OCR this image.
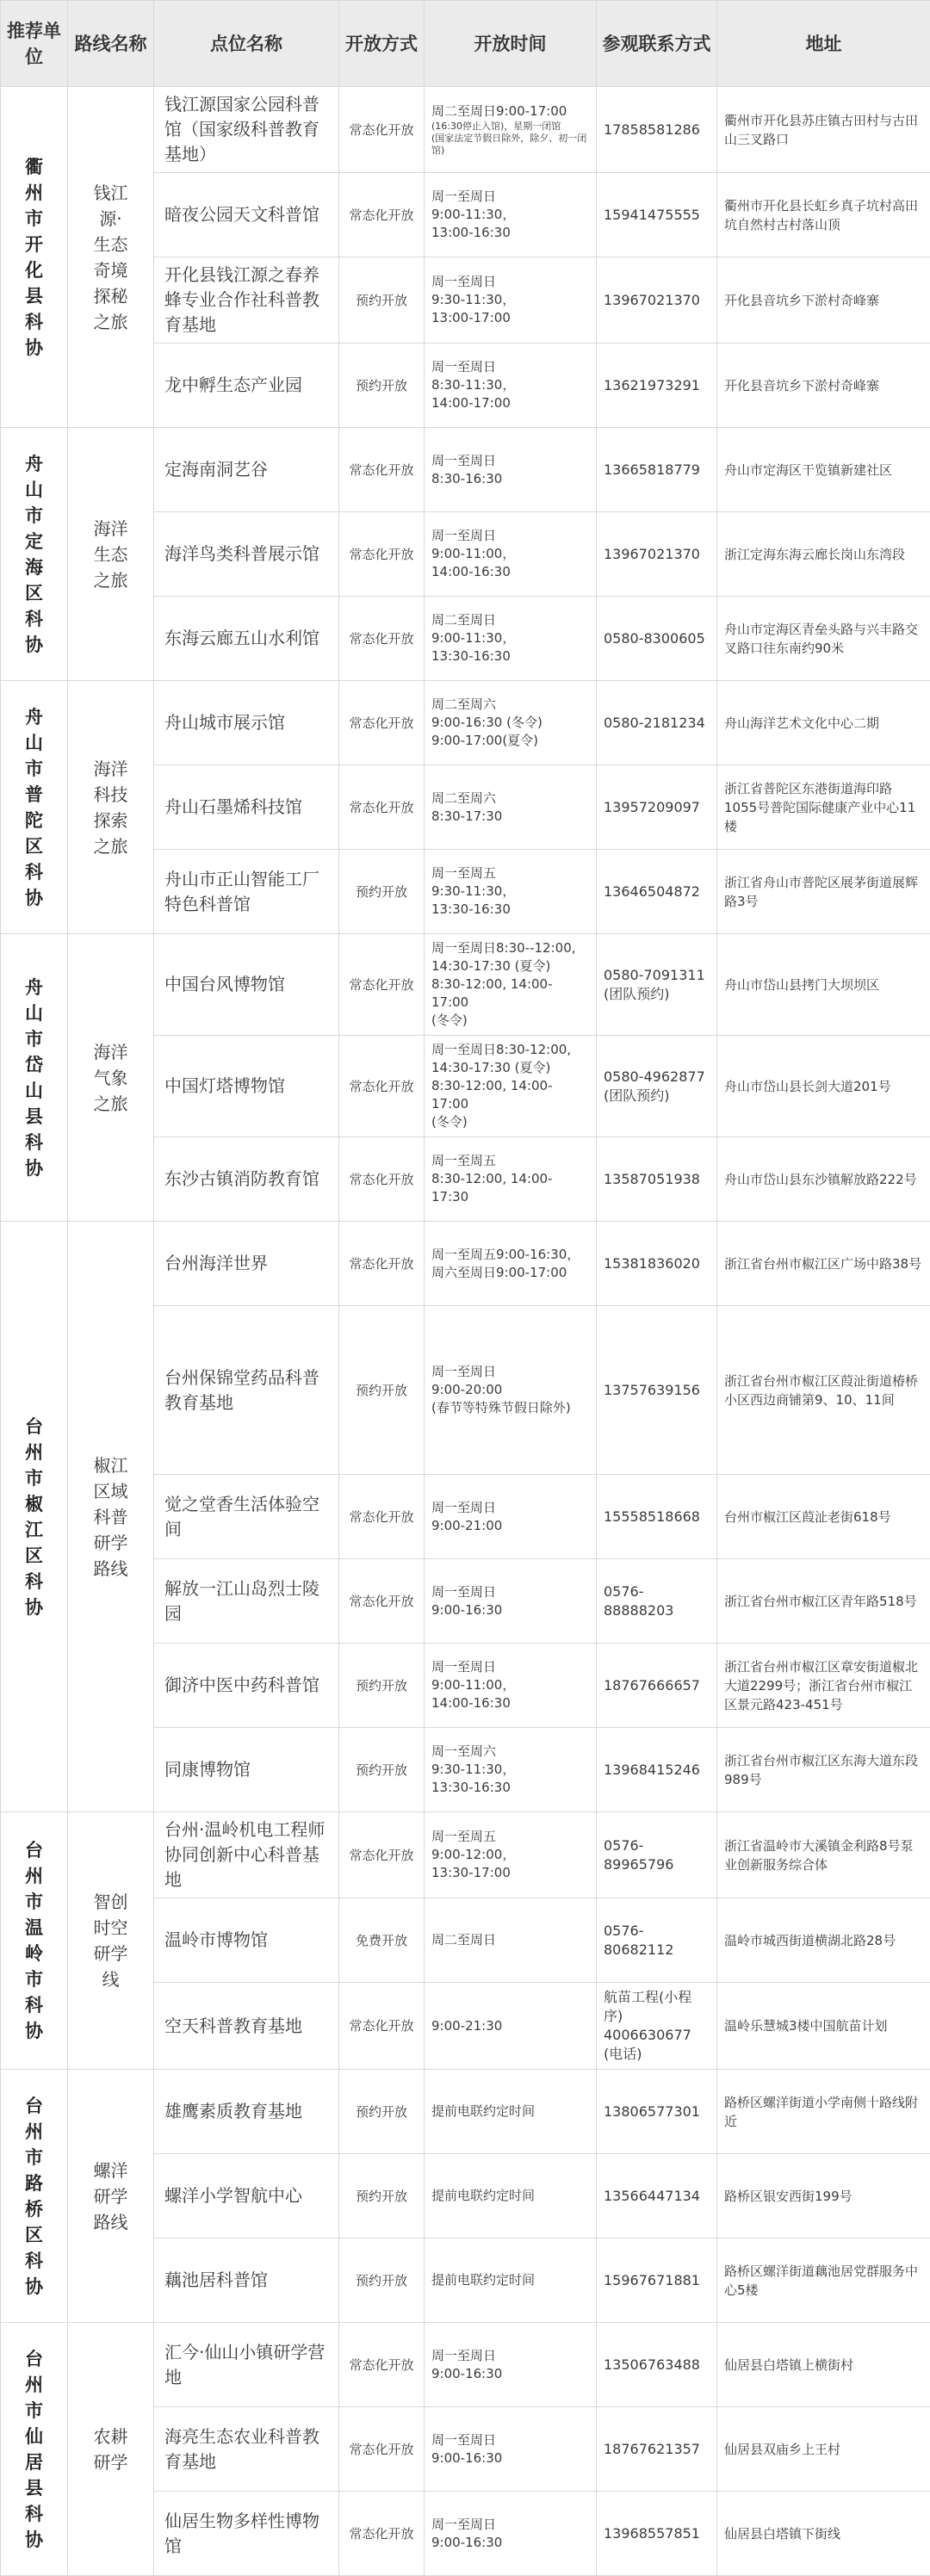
推荐单位	路线名称	点位名称	开放方式	开放时间	参观联系方式	地址
衢州市开化县科协	钱江源·生态奇境探秘之旅	钱江源国家公园科普馆（国家级科普教育基地）	常态化开放	周二至周日9:00-17:00
(16:30停止入馆)，星期一闭馆
(国家法定节假日除外，除夕、初一闭馆)	17858581286	衢州市开化县苏庄镇古田村与古田山三叉路口
		暗夜公园天文科普馆	常态化开放	周一至周日
9:00-11:30，
13:00-16:30	15941475555	衢州市开化县长虹乡真子坑村高田坑自然村古村落山顶
		开化县钱江源之春养蜂专业合作社科普教育基地	预约开放	周一至周日
9:30-11:30，
13:00-17:00	13967021370	开化县音坑乡下淤村奇峰寨
		龙中孵生态产业园	预约开放	周一至周日
8:30-11:30，
14:00-17:00	13621973291	开化县音坑乡下淤村奇峰寨
舟山市定海区科协	海洋生态之旅	定海南洞艺谷	常态化开放	周一至周日
8:30-16:30	13665818779	舟山市定海区干览镇新建社区
		海洋鸟类科普展示馆	常态化开放	周一至周日
9:00-11:00，
14:00-16:30	13967021370	浙江定海东海云廊长岗山东湾段
		东海云廊五山水利馆	常态化开放	周二至周日
9:00-11:30，
13:30-16:30	0580-8300605	舟山市定海区青垒头路与兴丰路交叉路口往东南约90米
舟山市普陀区科协	海洋科技探索之旅	舟山城市展示馆	常态化开放	周二至周六
9:00-16:30 (冬令)
9:00-17:00(夏令)	0580-2181234	舟山海洋艺术文化中心二期
		舟山石墨烯科技馆	常态化开放	周二至周六
8:30-17:30	13957209097	浙江省普陀区东港街道海印路1055号普陀国际健康产业中心11楼
		舟山市正山智能工厂特色科普馆	预约开放	周一至周五
9:30-11:30，
13:30-16:30	13646504872	浙江省舟山市普陀区展茅街道展辉路3号
舟山市岱山县科协	海洋气象之旅	中国台风博物馆	常态化开放	周一至周日8:30--12:00,
14:30-17:30 (夏令)
8:30-12:00, 14:00-17:00
(冬令)	0580-7091311
(团队预约)	舟山市岱山县拷门大坝坝区
		中国灯塔博物馆	常态化开放	周一至周日8:30-12:00,
14:30-17:30 (夏令)
8:30-12:00, 14:00-17:00
(冬令)	0580-4962877
(团队预约)	舟山市岱山县长剑大道201号
		东沙古镇消防教育馆	常态化开放	周一至周五
8:30-12:00, 14:00-17:30	13587051938	舟山市岱山县东沙镇解放路222号
台州市椒江区科协	椒江区域科普研学路线	台州海洋世界	常态化开放	周一至周五9:00-16:30，
周六至周日9:00-17:00	15381836020	浙江省台州市椒江区广场中路38号
		台州保锦堂药品科普教育基地	预约开放	周一至周日
9:00-20:00
(春节等特殊节假日除外)	13757639156	浙江省台州市椒江区葭沚街道椿桥小区西边商铺第9、10、11间
		觉之堂香生活体验空间	常态化开放	周一至周日
9:00-21:00	15558518668	台州市椒江区葭沚老街618号
		解放一江山岛烈士陵园	常态化开放	周一至周日
9:00-16:30	0576-88888203	浙江省台州市椒江区青年路518号
		御济中医中药科普馆	预约开放	周一至周日
9:00-11:00，
14:00-16:30	18767666657	浙江省台州市椒江区章安街道椒北大道2299号；浙江省台州市椒江区景元路423-451号
		同康博物馆	预约开放	周一至周六
9:30-11:30，
13:30-16:30	13968415246	浙江省台州市椒江区东海大道东段989号
台州市温岭市科协	智创时空研学线	台州·温岭机电工程师协同创新中心科普基地	常态化开放	周一至周五
9:00-12:00，
13:30-17:00	0576-89965796	浙江省温岭市大溪镇金利路8号泵业创新服务综合体
		温岭市博物馆	免费开放	周二至周日	0576-80682112	温岭市城西街道横湖北路28号
		空天科普教育基地	常态化开放	9:00-21:30	航苗工程(小程序)
4006630677
(电话)	温岭乐慧城3楼中国航苗计划
台州市路桥区科协	螺洋研学路线	雄鹰素质教育基地	预约开放	提前电联约定时间	13806577301	路桥区螺洋街道小学南侧十路线附近
		螺洋小学智航中心	预约开放	提前电联约定时间	13566447134	路桥区银安西街199号
		藕池居科普馆	预约开放	提前电联约定时间	15967671881	路桥区螺洋街道藕池居党群服务中心5楼
台州市仙居县科协	农耕研学	汇今·仙山小镇研学营地	常态化开放	周一至周日
9:00-16:30	13506763488	仙居县白塔镇上横街村
		海亮生态农业科普教育基地	常态化开放	周一至周日
9:00-16:30	18767621357	仙居县双庙乡上王村
		仙居生物多样性博物馆	常态化开放	周一至周日
9:00-16:30	13968557851	仙居县白塔镇下街线
